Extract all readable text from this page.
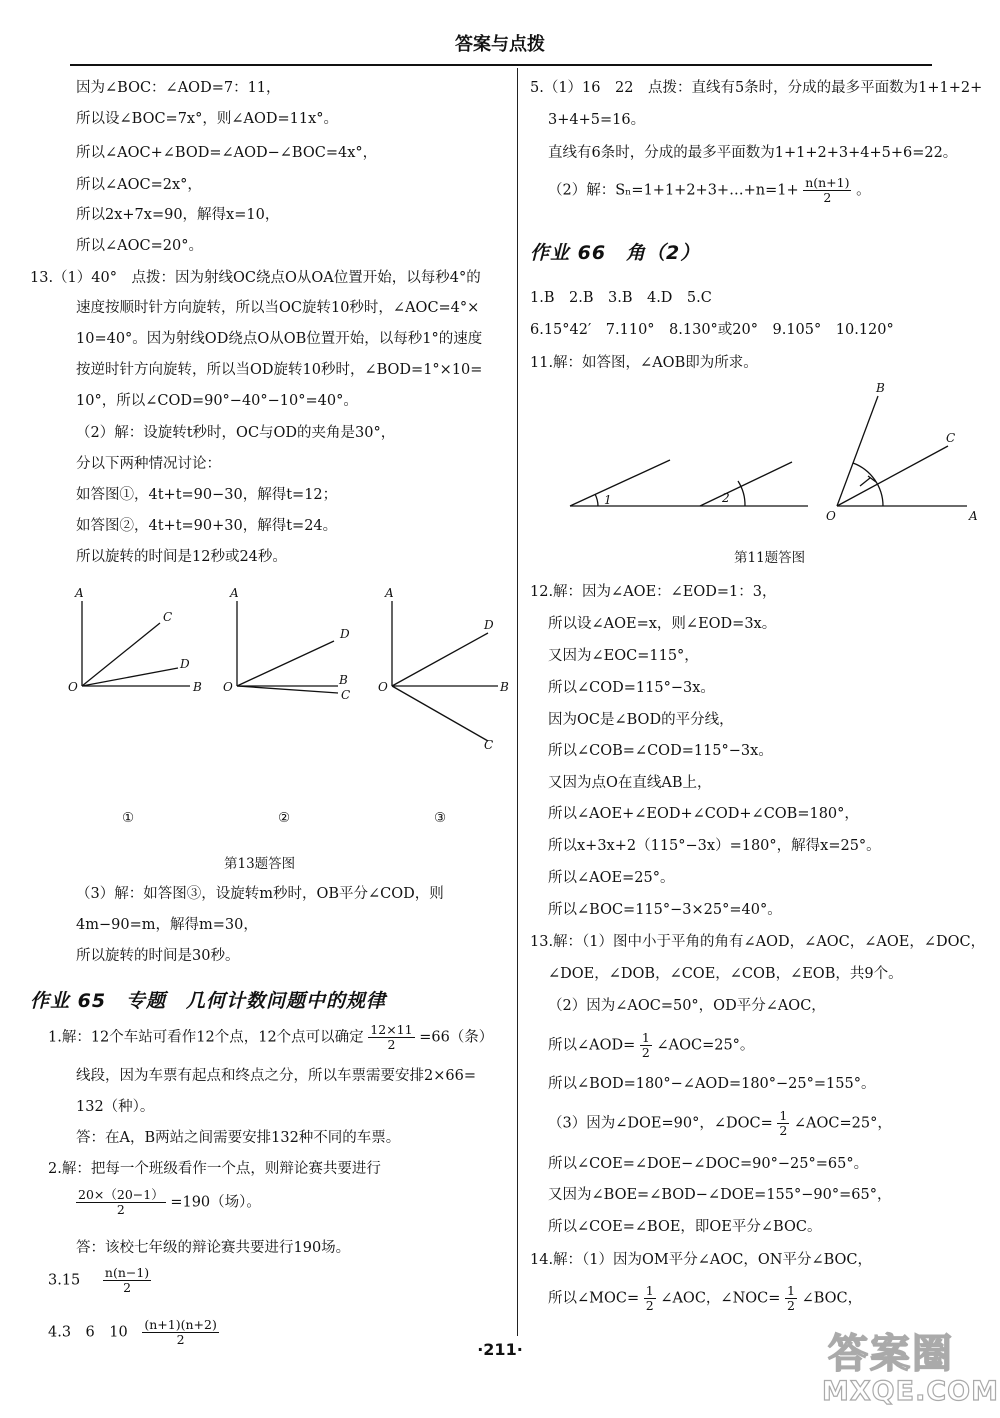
答案与点拨
因为∠BOC：∠AOD=7：11，
所以设∠BOC=7x°，则∠AOD=11x°。
所以∠AOC+∠BOD=∠AOD−∠BOC=4x°，
所以∠AOC=2x°，
所以2x+7x=90，解得x=10，
所以∠AOC=20°。
13.（1）40°　点拨：因为射线OC绕点O从OA位置开始，以每秒4°的
速度按顺时针方向旋转，所以当OC旋转10秒时，∠AOC=4°×
10=40°。因为射线OD绕点O从OB位置开始，以每秒1°的速度
按逆时针方向旋转，所以当OD旋转10秒时，∠BOD=1°×10=
10°，所以∠COD=90°−40°−10°=40°。
（2）解：设旋转t秒时，OC与OD的夹角是30°，
分以下两种情况讨论：
如答图①，4t+t=90−30，解得t=12；
如答图②，4t+t=90+30，解得t=24。
所以旋转的时间是12秒或24秒。
A
O	B
C
D
A
O
D
B
C
A
O
D
B
C
①	②	③
第13题答图
（3）解：如答图③，设旋转m秒时，OB平分∠COD，则
4m−90=m，解得m=30，
所以旋转的时间是30秒。
作业 65　专题　几何计数问题中的规律
1.解：12个车站可看作12个点，12个点可以确定 $\frac{12\times 11}{2} =66$（条）
线段，因为车票有起点和终点之分，所以车票需要安排2×66=
132（种）。
答：在A，B两站之间需要安排132种不同的车票。
2.解：把每一个班级看作一个点，则辩论赛共要进行
$\frac{20\times(20-1)}{2} =190$（场）。
答：该校七年级的辩论赛共要进行190场。
$3.15 \frac{n(n-1)}{2}$
4.3　6　$10 \frac{(n+1)(n+2)}{2}$
5.（1）16　22　点拨：直线有5条时，分成的最多平面数为1+1+2+
3+4+5=16。
直线有6条时，分成的最多平面数为1+1+2+3+4+5+6=22。
（2）解：Sₙ=1+1+2+3+…+n=1+ $\frac{n(n+1)}{2}$ 。
作业 66　角（2）
1.B　2.B　3.B　4.D　5.C
6.15°42′　7.110°　8.130°或20°　9.105°　10.120°
11.解：如答图，∠AOB即为所求。
1	2
O	A
B
C
第11题答图
12.解：因为∠AOE：∠EOD=1：3，
所以设∠AOE=x，则∠EOD=3x。
又因为∠EOC=115°，
所以∠COD=115°−3x。
因为OC是∠BOD的平分线，
所以∠COB=∠COD=115°−3x。
又因为点O在直线AB上，
所以∠AOE+∠EOD+∠COD+∠COB=180°，
所以x+3x+2（115°−3x）=180°，解得x=25°。
所以∠AOE=25°。
所以∠BOC=115°−3×25°=40°。
13.解：（1）图中小于平角的角有∠AOD，∠AOC，∠AOE，∠DOC，
∠DOE，∠DOB，∠COE，∠COB，∠EOB，共9个。
（2）因为∠AOC=50°，OD平分∠AOC，
所以∠AOD= $\frac{1}{2}$ ∠AOC=25°。
所以∠BOD=180°−∠AOD=180°−25°=155°。
（3）因为∠DOE=90°，∠DOC= $\frac{1}{2}$ ∠AOC=25°，
所以∠COE=∠DOE−∠DOC=90°−25°=65°。
又因为∠BOE=∠BOD−∠DOE=155°−90°=65°，
所以∠COE=∠BOE，即OE平分∠BOC。
14.解：（1）因为OM平分∠AOC，ON平分∠BOC，
所以∠MOC= $\frac{1}{2}$ ∠AOC，∠NOC= $\frac{1}{2}$ ∠BOC，
·211·	答案圈
MXQE.COM
